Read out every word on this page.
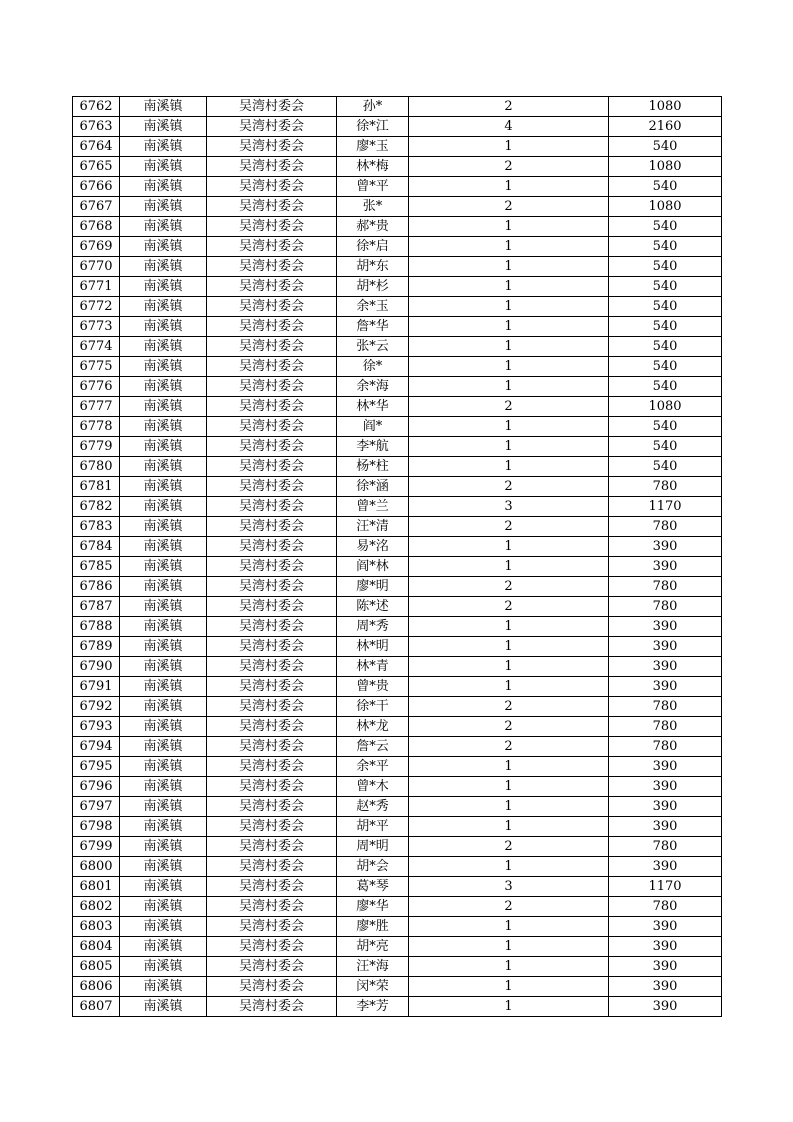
6762	南溪镇	吴湾村委会	孙*	2	1080
6763	南溪镇	吴湾村委会	徐*江	4	2160
6764	南溪镇	吴湾村委会	廖*玉	1	540
6765	南溪镇	吴湾村委会	林*梅	2	1080
6766	南溪镇	吴湾村委会	曾*平	1	540
6767	南溪镇	吴湾村委会	张*	2	1080
6768	南溪镇	吴湾村委会	郝*贵	1	540
6769	南溪镇	吴湾村委会	徐*启	1	540
6770	南溪镇	吴湾村委会	胡*东	1	540
6771	南溪镇	吴湾村委会	胡*杉	1	540
6772	南溪镇	吴湾村委会	余*玉	1	540
6773	南溪镇	吴湾村委会	詹*华	1	540
6774	南溪镇	吴湾村委会	张*云	1	540
6775	南溪镇	吴湾村委会	徐*	1	540
6776	南溪镇	吴湾村委会	余*海	1	540
6777	南溪镇	吴湾村委会	林*华	2	1080
6778	南溪镇	吴湾村委会	阎*	1	540
6779	南溪镇	吴湾村委会	李*航	1	540
6780	南溪镇	吴湾村委会	杨*柱	1	540
6781	南溪镇	吴湾村委会	徐*涵	2	780
6782	南溪镇	吴湾村委会	曾*兰	3	1170
6783	南溪镇	吴湾村委会	汪*清	2	780
6784	南溪镇	吴湾村委会	易*洺	1	390
6785	南溪镇	吴湾村委会	阎*林	1	390
6786	南溪镇	吴湾村委会	廖*明	2	780
6787	南溪镇	吴湾村委会	陈*述	2	780
6788	南溪镇	吴湾村委会	周*秀	1	390
6789	南溪镇	吴湾村委会	林*明	1	390
6790	南溪镇	吴湾村委会	林*青	1	390
6791	南溪镇	吴湾村委会	曾*贵	1	390
6792	南溪镇	吴湾村委会	徐*干	2	780
6793	南溪镇	吴湾村委会	林*龙	2	780
6794	南溪镇	吴湾村委会	詹*云	2	780
6795	南溪镇	吴湾村委会	余*平	1	390
6796	南溪镇	吴湾村委会	曾*木	1	390
6797	南溪镇	吴湾村委会	赵*秀	1	390
6798	南溪镇	吴湾村委会	胡*平	1	390
6799	南溪镇	吴湾村委会	周*明	2	780
6800	南溪镇	吴湾村委会	胡*会	1	390
6801	南溪镇	吴湾村委会	葛*琴	3	1170
6802	南溪镇	吴湾村委会	廖*华	2	780
6803	南溪镇	吴湾村委会	廖*胜	1	390
6804	南溪镇	吴湾村委会	胡*亮	1	390
6805	南溪镇	吴湾村委会	汪*海	1	390
6806	南溪镇	吴湾村委会	闵*荣	1	390
6807	南溪镇	吴湾村委会	李*芳	1	390
